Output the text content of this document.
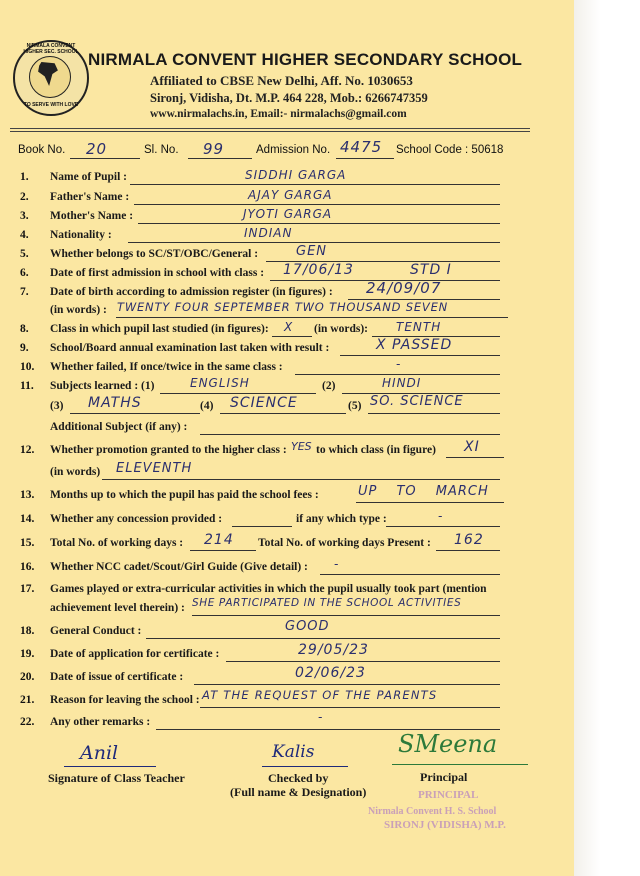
NIRMALA CONVENT HIGHER SEC. SCHOOL
TO SERVE WITH LOVE
NIRMALA CONVENT HIGHER SECONDARY SCHOOL
Affiliated to CBSE New Delhi, Aff. No. 1030653
Sironj, Vidisha, Dt. M.P. 464 228, Mob.: 6266747359
www.nirmalachs.in, Email:- nirmalachs@gmail.com
Book No. 20	Sl. No. 99	Admission No. 4475 School Code : 50618
1. Name of Pupil :	SIDDHI GARGA
2. Father's Name :	AJAY GARGA
3. Mother's Name :	JYOTI GARGA
4. Nationality :	INDIAN
5. Whether belongs to SC/ST/OBC/General :	GEN
6. Date of first admission in school with class : 17/06/13	STD I
7. Date of birth according to admission register (in figures) : 24/09/07
(in words) : TWENTY FOUR SEPTEMBER TWO THOUSAND SEVEN
8. Class in which pupil last studied (in figures): X (in words): TENTH
9. School/Board annual examination last taken with result :	X PASSED
10. Whether failed, If once/twice in the same class :	-
11. Subjects learned : (1)	ENGLISH	(2)	HINDI
(3) MATHS	(4) SCIENCE	(5) SO. SCIENCE
Additional Subject (if any) :
12. Whether promotion granted to the higher class : YES to which class (in figure) XI
(in words) ELEVENTH
13. Months up to which the pupil has paid the school fees :	UP TO MARCH
14. Whether any concession provided :	if any which type :	-
15. Total No. of working days : 214 Total No. of working days Present : 162
16. Whether NCC cadet/Scout/Girl Guide (Give detail) : -
17. Games played or extra-curricular activities in which the pupil usually took part (mention
achievement level therein) : SHE PARTICIPATED IN THE SCHOOL ACTIVITIES
18. General Conduct :	GOOD
19. Date of application for certificate :	29/05/23
20. Date of issue of certificate :	02/06/23
21. Reason for leaving the school : AT THE REQUEST OF THE PARENTS
22. Any other remarks :	-
Anil
Signature of Class Teacher
Kalis
Checked by
(Full name & Designation)
SMeena
Principal
PRINCIPAL
Nirmala Convent H. S. School
SIRONJ (VIDISHA) M.P.
